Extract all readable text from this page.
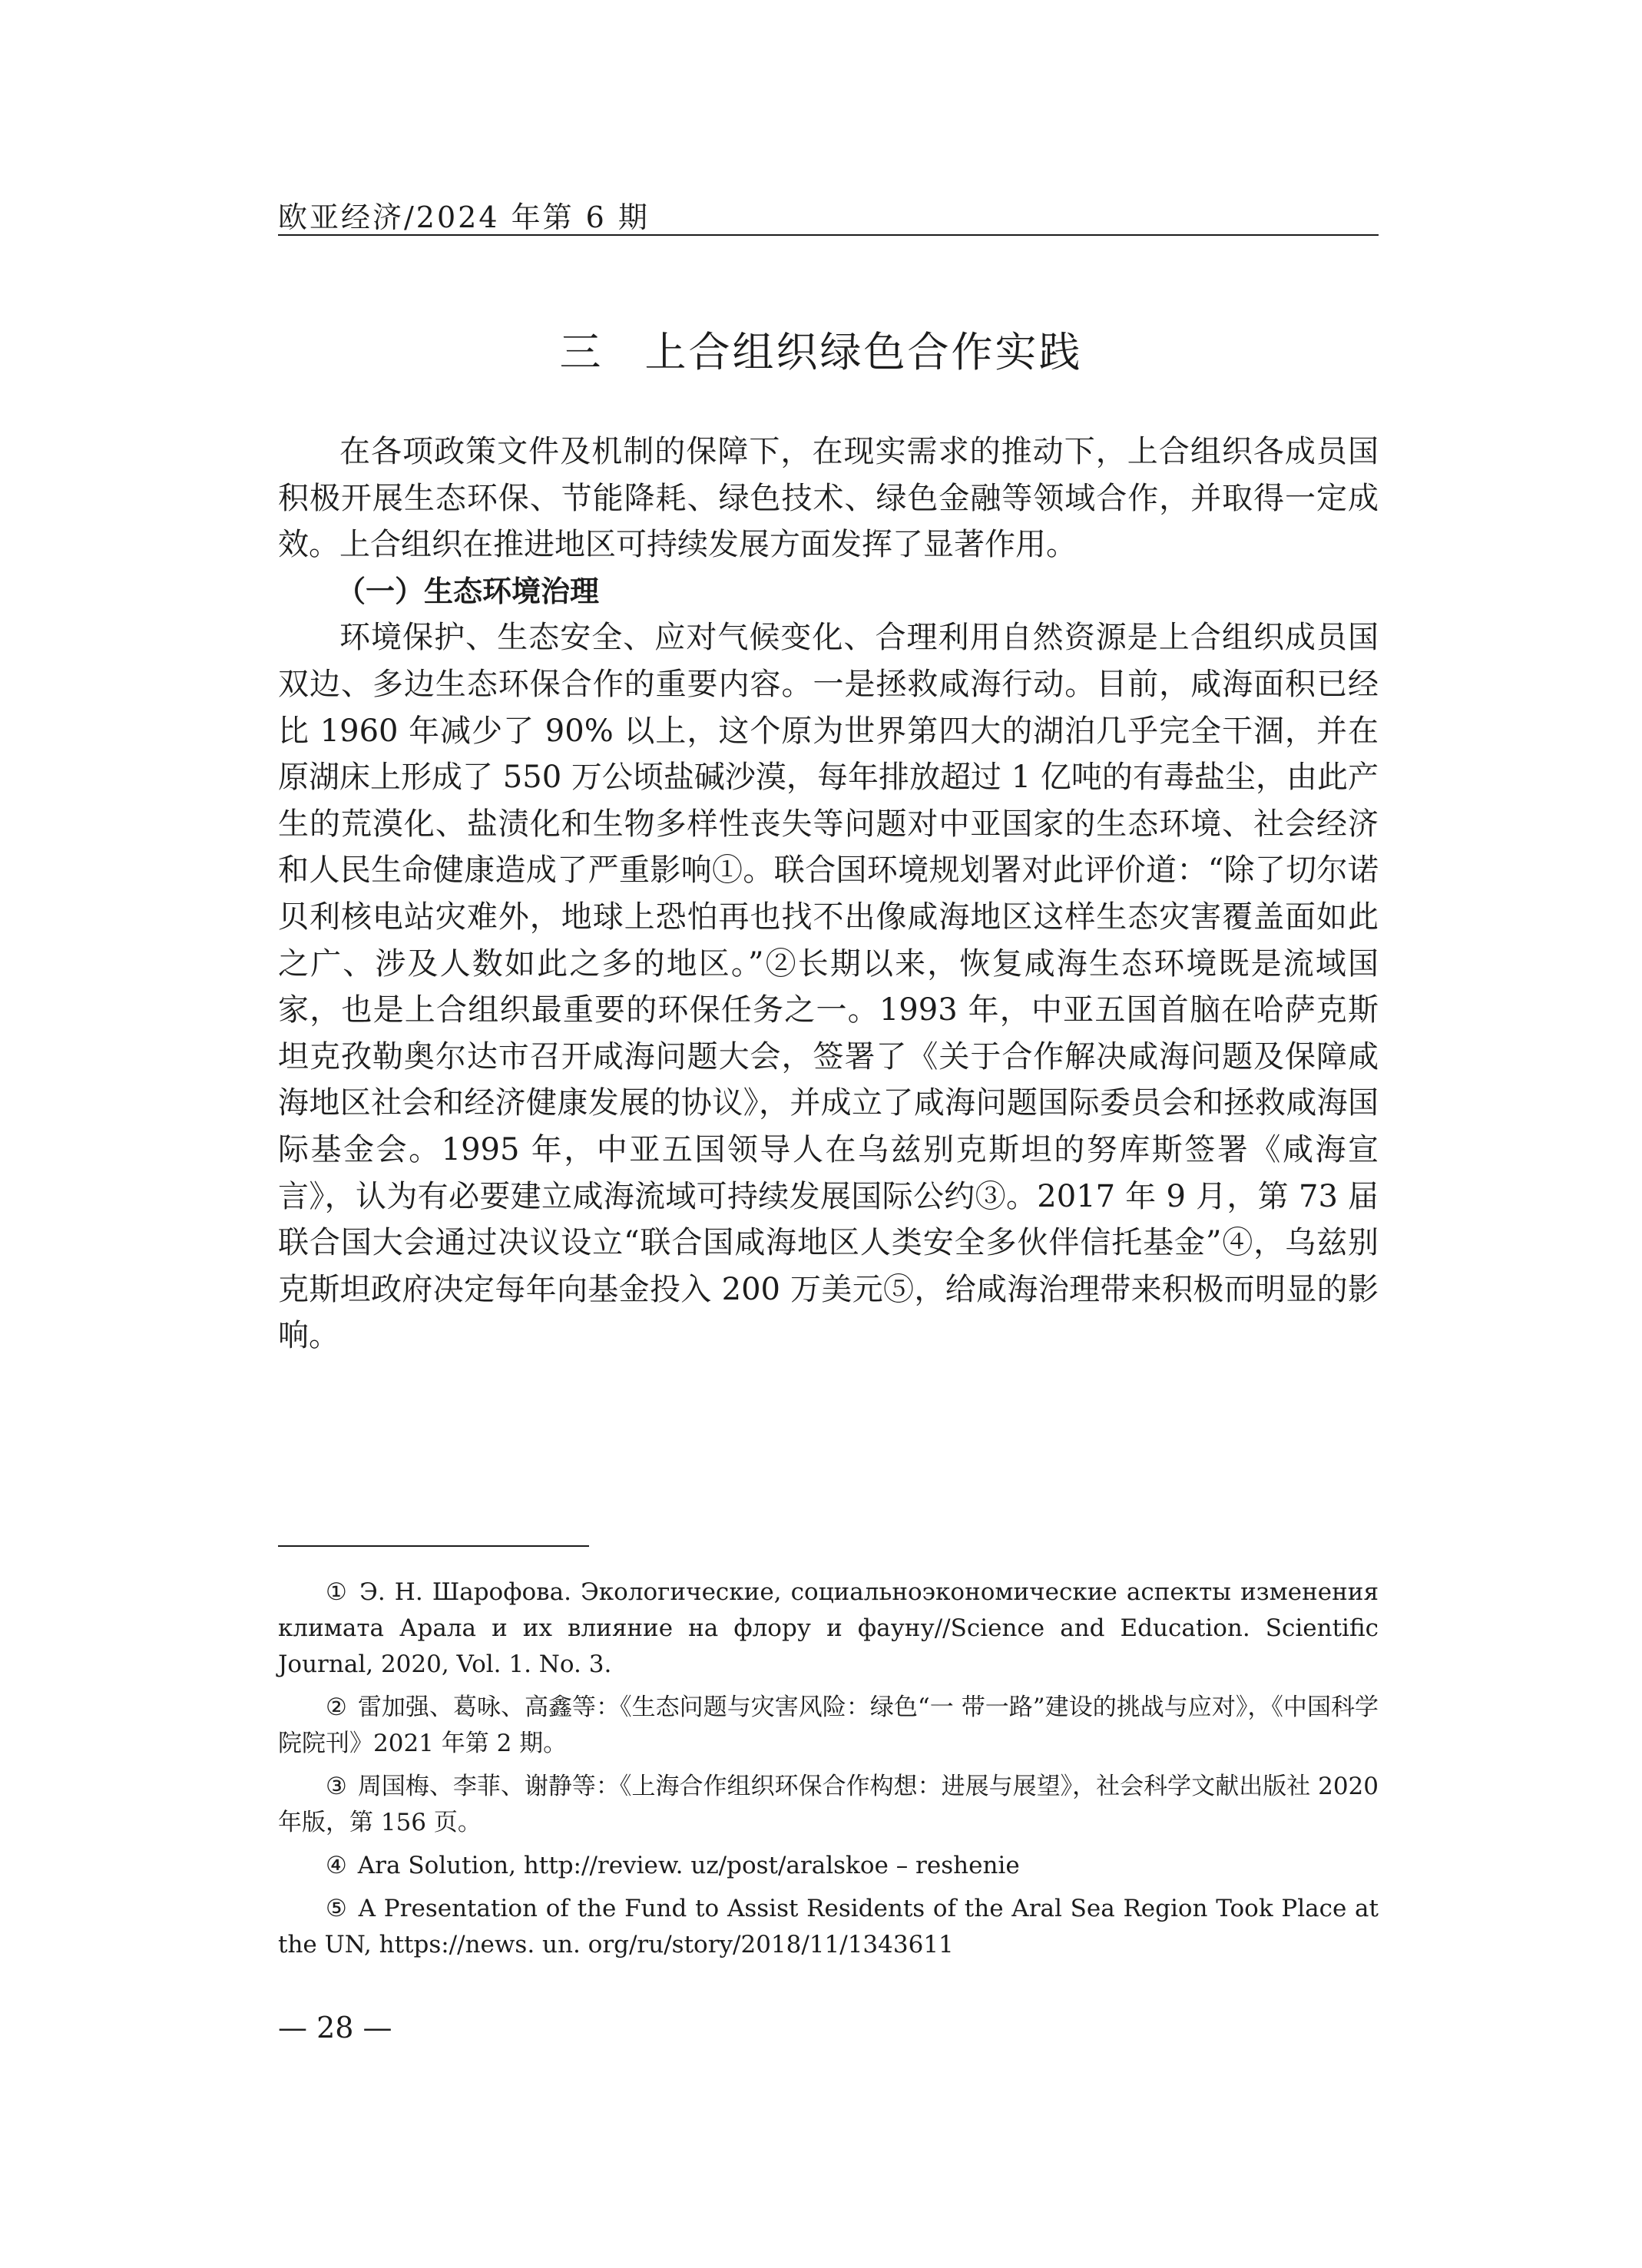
欧亚经济/2024 年第 6 期
三 上合组织绿色合作实践

在各项政策文件及机制的保障下，在现实需求的推动下，上合组织各成员国积极开展生态环保、节能降耗、绿色技术、绿色金融等领域合作，并取得一定成效。上合组织在推进地区可持续发展方面发挥了显著作用。

（一）生态环境治理

环境保护、生态安全、应对气候变化、合理利用自然资源是上合组织成员国双边、多边生态环保合作的重要内容。一是拯救咸海行动。目前，咸海面积已经比 1960 年减少了 90% 以上，这个原为世界第四大的湖泊几乎完全干涸，并在原湖床上形成了 550 万公顷盐碱沙漠，每年排放超过 1 亿吨的有毒盐尘，由此产生的荒漠化、盐渍化和生物多样性丧失等问题对中亚国家的生态环境、社会经济和人民生命健康造成了严重影响①。联合国环境规划署对此评价道：“除了切尔诺贝利核电站灾难外，地球上恐怕再也找不出像咸海地区这样生态灾害覆盖面如此之广、涉及人数如此之多的地区。”②长期以来，恢复咸海生态环境既是流域国家，也是上合组织最重要的环保任务之一。1993 年，中亚五国首脑在哈萨克斯坦克孜勒奥尔达市召开咸海问题大会，签署了《关于合作解决咸海问题及保障咸海地区社会和经济健康发展的协议》，并成立了咸海问题国际委员会和拯救咸海国际基金会。1995 年，中亚五国领导人在乌兹别克斯坦的努库斯签署《咸海宣言》，认为有必要建立咸海流域可持续发展国际公约③。2017 年 9 月，第 73 届联合国大会通过决议设立“联合国咸海地区人类安全多伙伴信托基金”④，乌兹别克斯坦政府决定每年向基金投入 200 万美元⑤，给咸海治理带来积极而明显的影响。

① Э. Н. Шарофова. Экологические, социальноэкономические аспекты изменения климата Арала и их влияние на флору и фауну//Science and Education. Scientific Journal, 2020, Vol. 1. No. 3.

② 雷加强、葛咏、高鑫等：《生态问题与灾害风险：绿色“一 带一路”建设的挑战与应对》，《中国科学院院刊》2021 年第 2 期。

③ 周国梅、李菲、谢静等：《上海合作组织环保合作构想：进展与展望》，社会科学文献出版社 2020 年版，第 156 页。

④ Ara Solution, http://review. uz/post/aralskoe – reshenie

⑤ A Presentation of the Fund to Assist Residents of the Aral Sea Region Took Place at the UN, https://news. un. org/ru/story/2018/11/1343611

— 28 —
